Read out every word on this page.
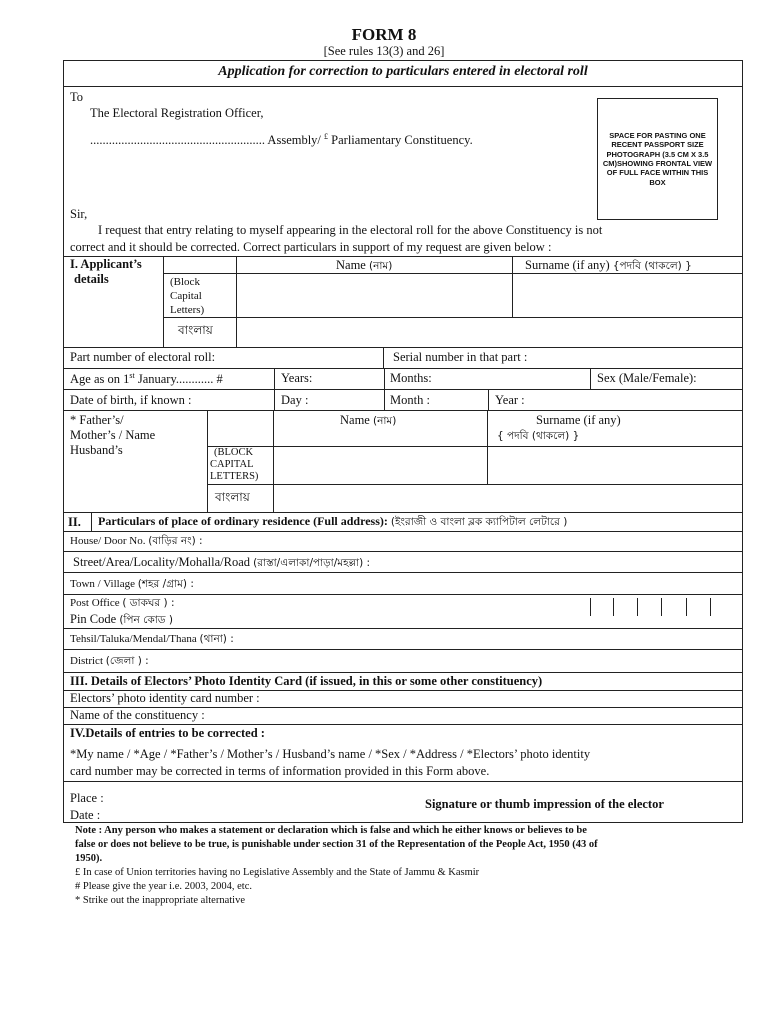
FORM 8
[See rules 13(3) and 26]
Application for correction to particulars entered in electoral roll
To
The Electoral Registration Officer,
........................................................ Assembly/ £ Parliamentary Constituency.	SPACE FOR PASTING ONE RECENT PASSPORT SIZE PHOTOGRAPH (3.5 CM X 3.5 CM)SHOWING FRONTAL VIEW OF FULL FACE WITHIN THIS BOX
Sir,
I request that entry relating to myself appearing in the electoral roll for the above Constituency is not
correct and it should be corrected. Correct particulars in support of my request are given below :
I. Applicant’s
details
Name (নাম)	Surname (if any) {পদবি (থাকলে) }
(Block
Capital
Letters)
বাংলায়
Part number of electoral roll:	Serial number in that part :
Age as on 1st January............ #	Years:	Months:	Sex (Male/Female):
Date of birth, if known :	Day :	Month :	Year :
* Father’s/
Mother’s / Name
Husband’s
Name (নাম)	Surname (if any)
{ পদবি (থাকলে) }
(BLOCK
CAPITAL
LETTERS)
বাংলায়
II. Particulars of place of ordinary residence (Full address): (ইংরাজী ও বাংলা ব্লক ক্যাপিটাল লেটারে )
House/ Door No. (বাড়ির নং) :
Street/Area/Locality/Mohalla/Road (রাস্তা/এলাকা/পাড়া/মহল্লা) :
Town / Village (শহর /গ্রাম) :
Post Office ( ডাকঘর ) :
Pin Code (পিন কোড )
Tehsil/Taluka/Mendal/Thana (থানা) :
District (জেলা ) :
III. Details of Electors’ Photo Identity Card (if issued, in this or some other constituency)
Electors’ photo identity card number :
Name of the constituency :
IV.Details of entries to be corrected :
*My name / *Age / *Father’s / Mother’s / Husband’s name / *Sex / *Address / *Electors’ photo identity
card number may be corrected in terms of information provided in this Form above.
Place :
Date :
Signature or thumb impression of the elector
Note : Any person who makes a statement or declaration which is false and which he either knows or believes to be
false or does not believe to be true, is punishable under section 31 of the Representation of the People Act, 1950 (43 of
1950).
£ In case of Union territories having no Legislative Assembly and the State of Jammu & Kasmir
# Please give the year i.e. 2003, 2004, etc.
* Strike out the inappropriate alternative
